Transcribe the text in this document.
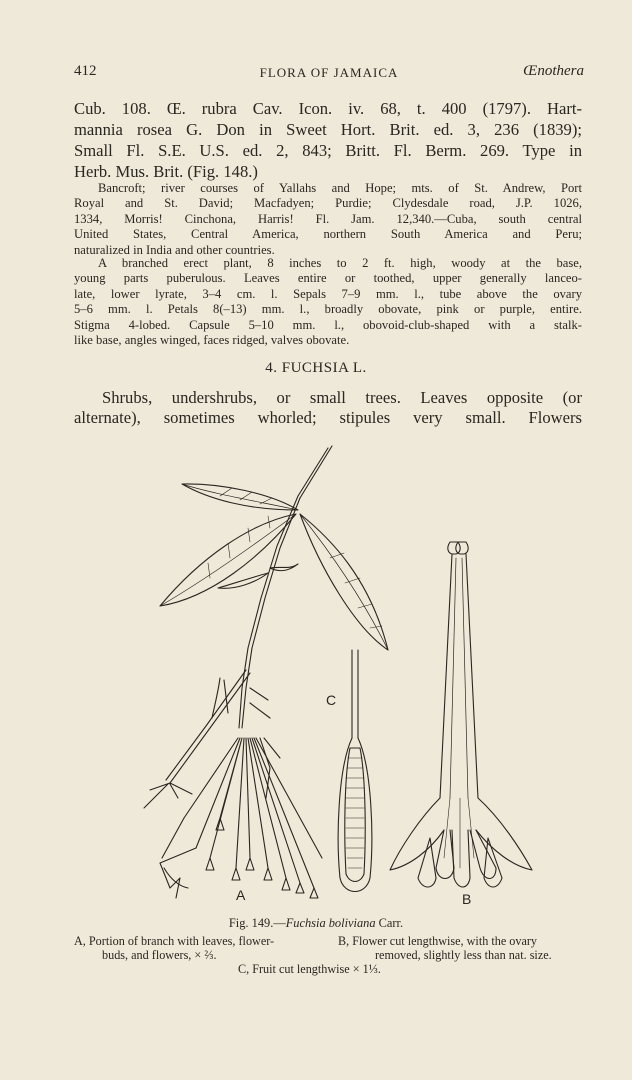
412	FLORA OF JAMAICA	Œnothera
Cub. 108. Œ. rubra Cav. Icon. iv. 68, t. 400 (1797). Hart-
mannia rosea G. Don in Sweet Hort. Brit. ed. 3, 236 (1839);
Small Fl. S.E. U.S. ed. 2, 843; Britt. Fl. Berm. 269. Type in
Herb. Mus. Brit. (Fig. 148.)
Bancroft; river courses of Yallahs and Hope; mts. of St. Andrew, Port
Royal and St. David; Macfadyen; Purdie; Clydesdale road, J.P. 1026,
1334, Morris! Cinchona, Harris! Fl. Jam. 12,340.—Cuba, south central
United States, Central America, northern South America and Peru;
naturalized in India and other countries.
A branched erect plant, 8 inches to 2 ft. high, woody at the base,
young parts puberulous. Leaves entire or toothed, upper generally lanceo-
late, lower lyrate, 3–4 cm. l. Sepals 7–9 mm. l., tube above the ovary
5–6 mm. l. Petals 8(–13) mm. l., broadly obovate, pink or purple, entire.
Stigma 4-lobed. Capsule 5–10 mm. l., obovoid-club-shaped with a stalk-
like base, angles winged, faces ridged, valves obovate.
4. FUCHSIA L.
Shrubs, undershrubs, or small trees. Leaves opposite (or
alternate), sometimes whorled; stipules very small. Flowers
C
A	B
Fig. 149.—Fuchsia boliviana Carr.
A, Portion of branch with leaves, flower-
buds, and flowers, × ⅔.
B, Flower cut lengthwise, with the ovary
removed, slightly less than nat. size.
C, Fruit cut lengthwise × 1⅓.
